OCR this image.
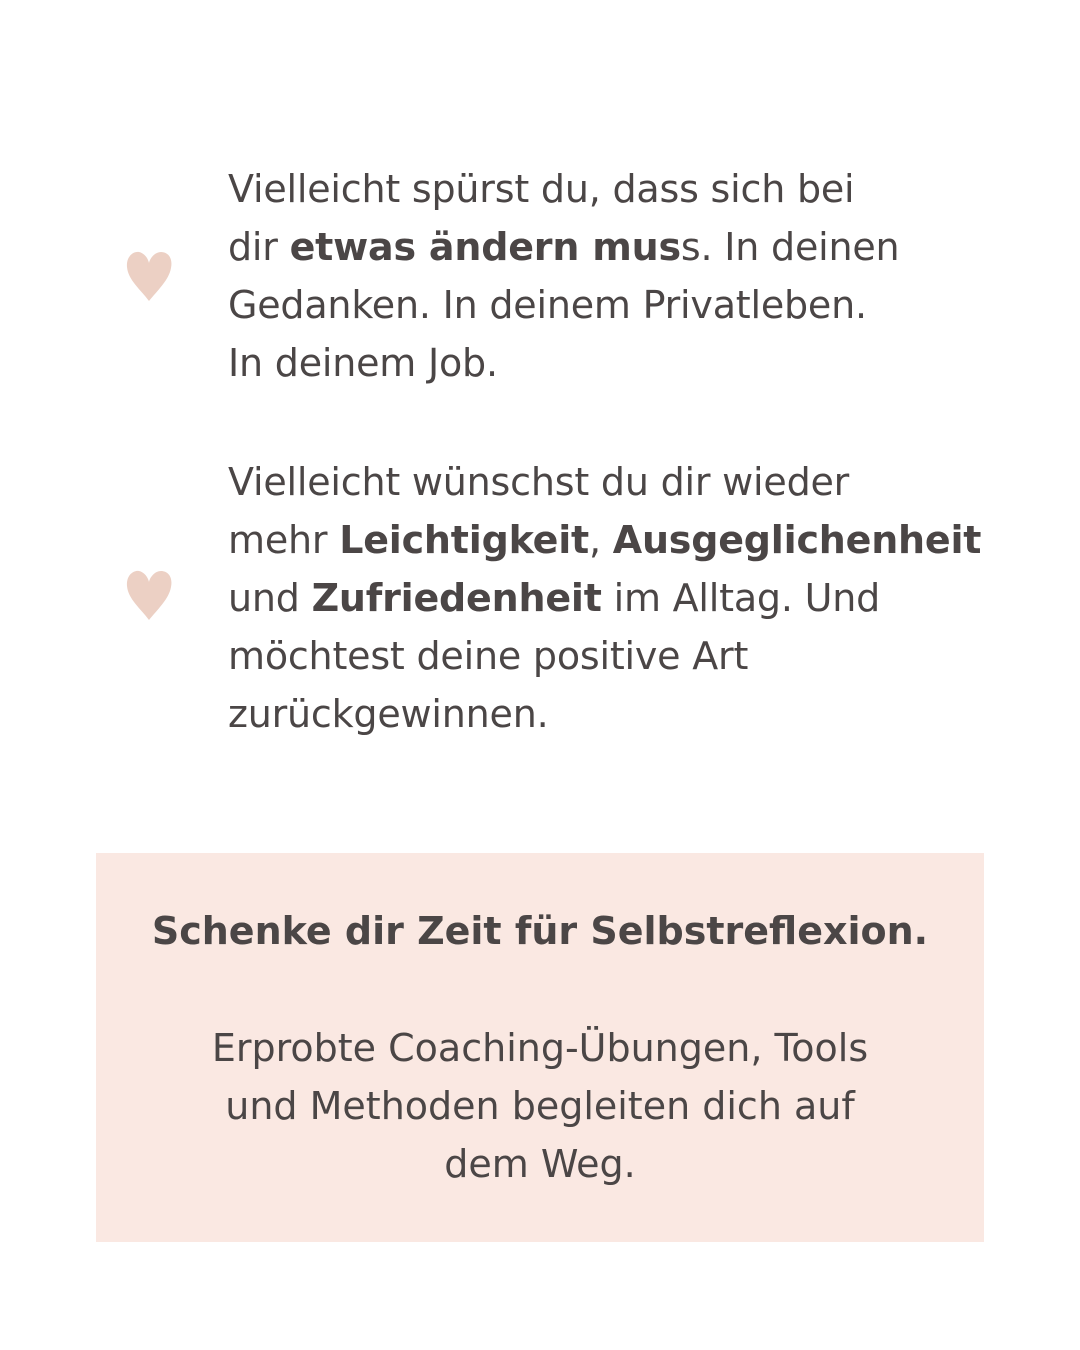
Vielleicht spürst du, dass sich bei

dir etwas ändern muss. In deinen

Gedanken. In deinem Privatleben.

In deinem Job.

Vielleicht wünschst du dir wieder

mehr Leichtigkeit, Ausgeglichenheit

und Zufriedenheit im Alltag. Und

möchtest deine positive Art

zurückgewinnen.

Schenke dir Zeit für Selbstreflexion.

Erprobte Coaching-Übungen, Tools

und Methoden begleiten dich auf

dem Weg.
